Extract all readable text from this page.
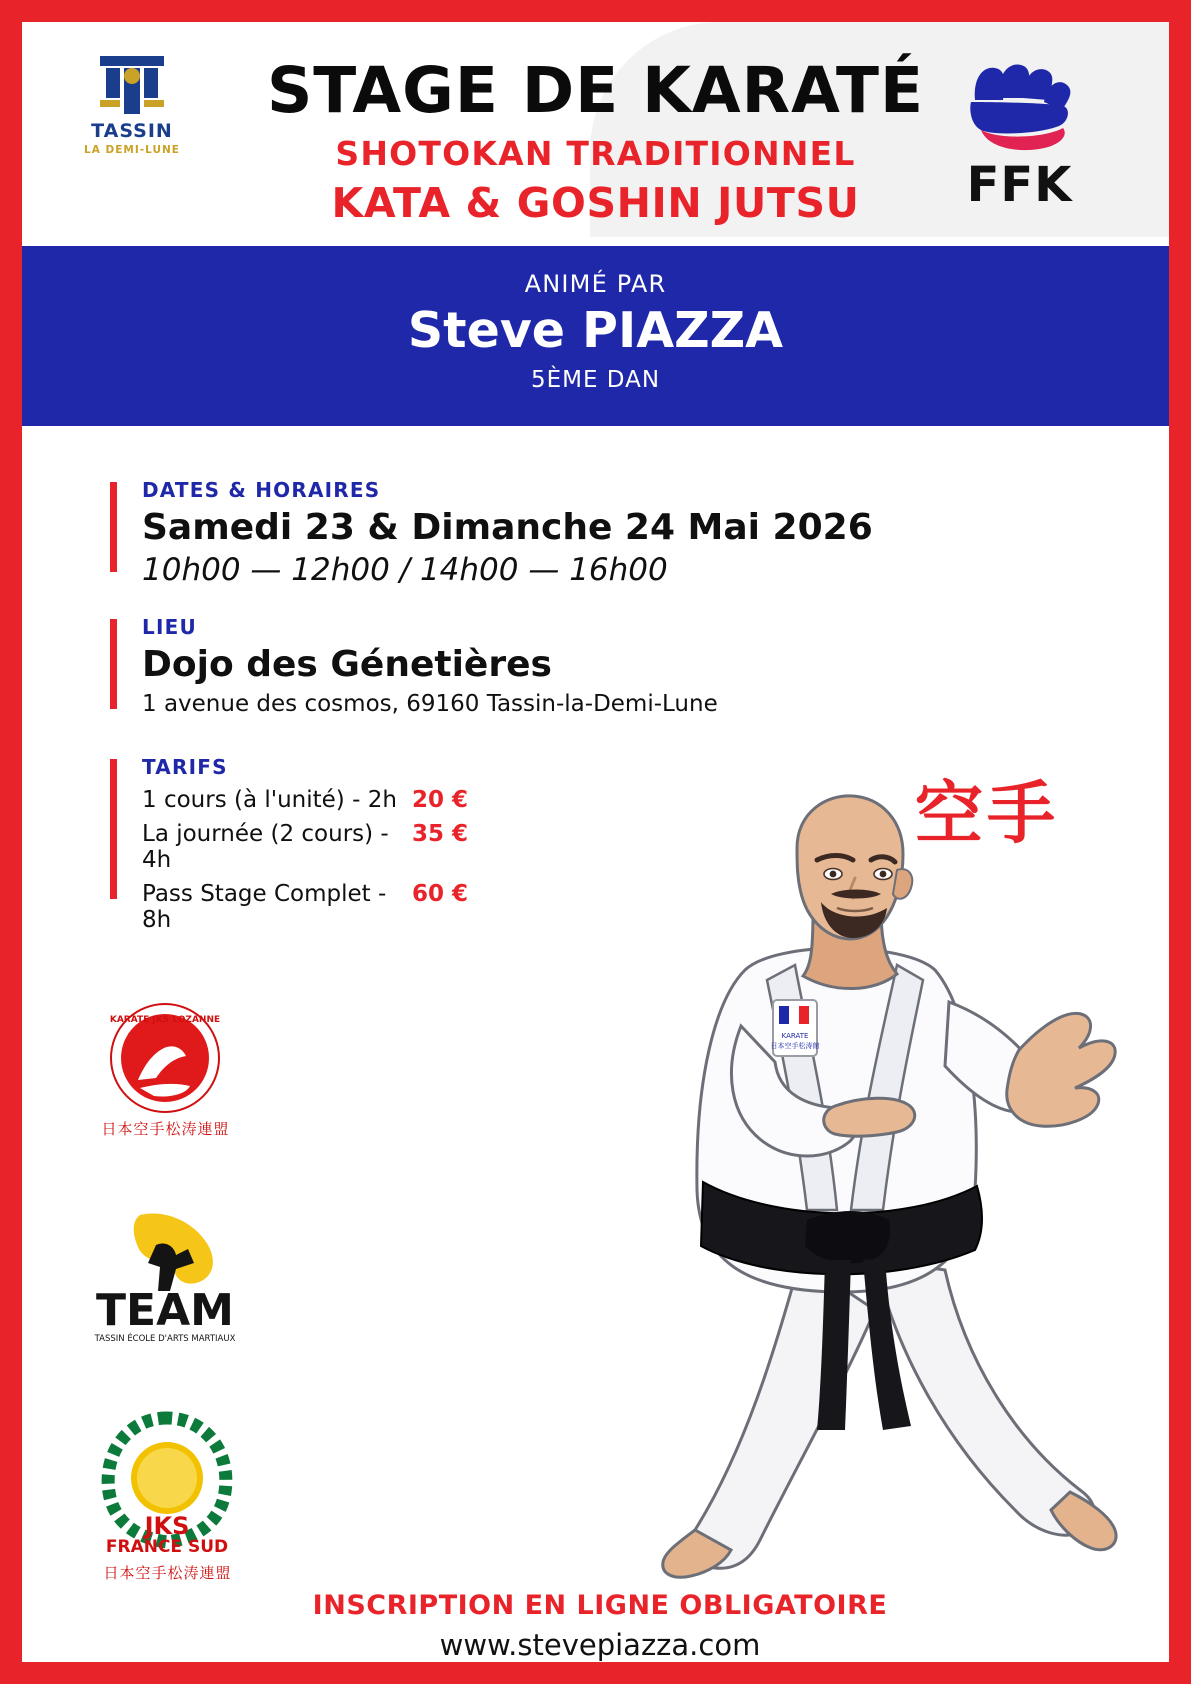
TASSIN
LA DEMI-LUNE
STAGE DE KARATÉ
SHOTOKAN TRADITIONNEL
KATA & GOSHIN JUTSU	FFK
ANIMÉ PAR
Steve PIAZZA
5ÈME DAN
DATES & HORAIRES
Samedi 23 & Dimanche 24 Mai 2026
10h00 — 12h00 / 14h00 — 16h00
LIEU
Dojo des Génetières
1 avenue des cosmos, 69160 Tassin-la-Demi-Lune
TARIFS
1 cours (à l'unité) - 2h 20 €
La journée (2 cours) - 4h
35 €
Pass Stage Complet - 8h
60 €
空手
KARATE
日本空手松涛館
KARATE JKS LOZANNE
日本空手松涛連盟
TEAM
TASSIN ÉCOLE D'ARTS MARTIAUX
JKS
FRANCE SUD
日本空手松涛連盟
INSCRIPTION EN LIGNE OBLIGATOIRE
www.stevepiazza.com
